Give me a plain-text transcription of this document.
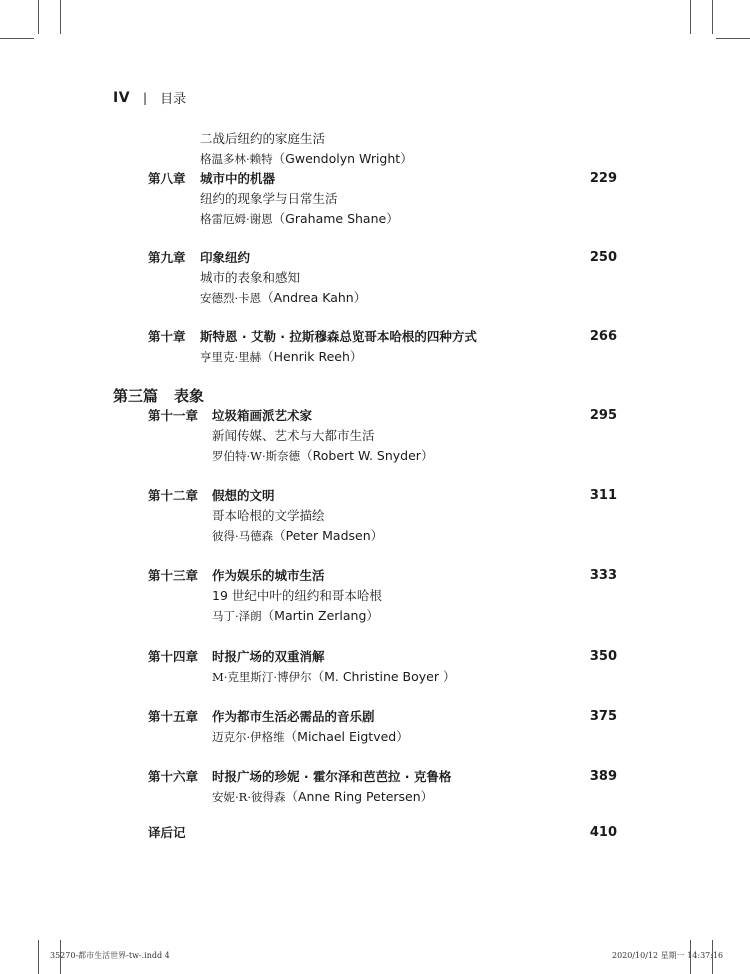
IV | 目录
二战后纽约的家庭生活
格温多林·赖特（Gwendolyn Wright）
第八章 城市中的机器	229
纽约的现象学与日常生活
格雷厄姆·谢恩（Grahame Shane）
第九章 印象纽约	250
城市的表象和感知
安德烈·卡恩（Andrea Kahn）
第十章 斯特恩 · 艾勒 · 拉斯穆森总览哥本哈根的四种方式	266
亨里克·里赫（Henrik Reeh）
第三篇 表象
第十一章 垃圾箱画派艺术家	295
新闻传媒、艺术与大都市生活
罗伯特·W·斯奈德（Robert W. Snyder）
第十二章 假想的文明	311
哥本哈根的文学描绘
彼得·马德森（Peter Madsen）
第十三章 作为娱乐的城市生活	333
19 世纪中叶的纽约和哥本哈根
马丁·泽朗（Martin Zerlang）
第十四章 时报广场的双重消解	350
M·克里斯汀·博伊尔（M. Christine Boyer ）
第十五章 作为都市生活必需品的音乐剧	375
迈克尔·伊格维（Michael Eigtved）
第十六章 时报广场的珍妮 · 霍尔泽和芭芭拉 · 克鲁格	389
安妮·R·彼得森（Anne Ring Petersen）
译后记	410
35270-都市生活世界-tw-.indd 4	2020/10/12 星期一 14:37:16
